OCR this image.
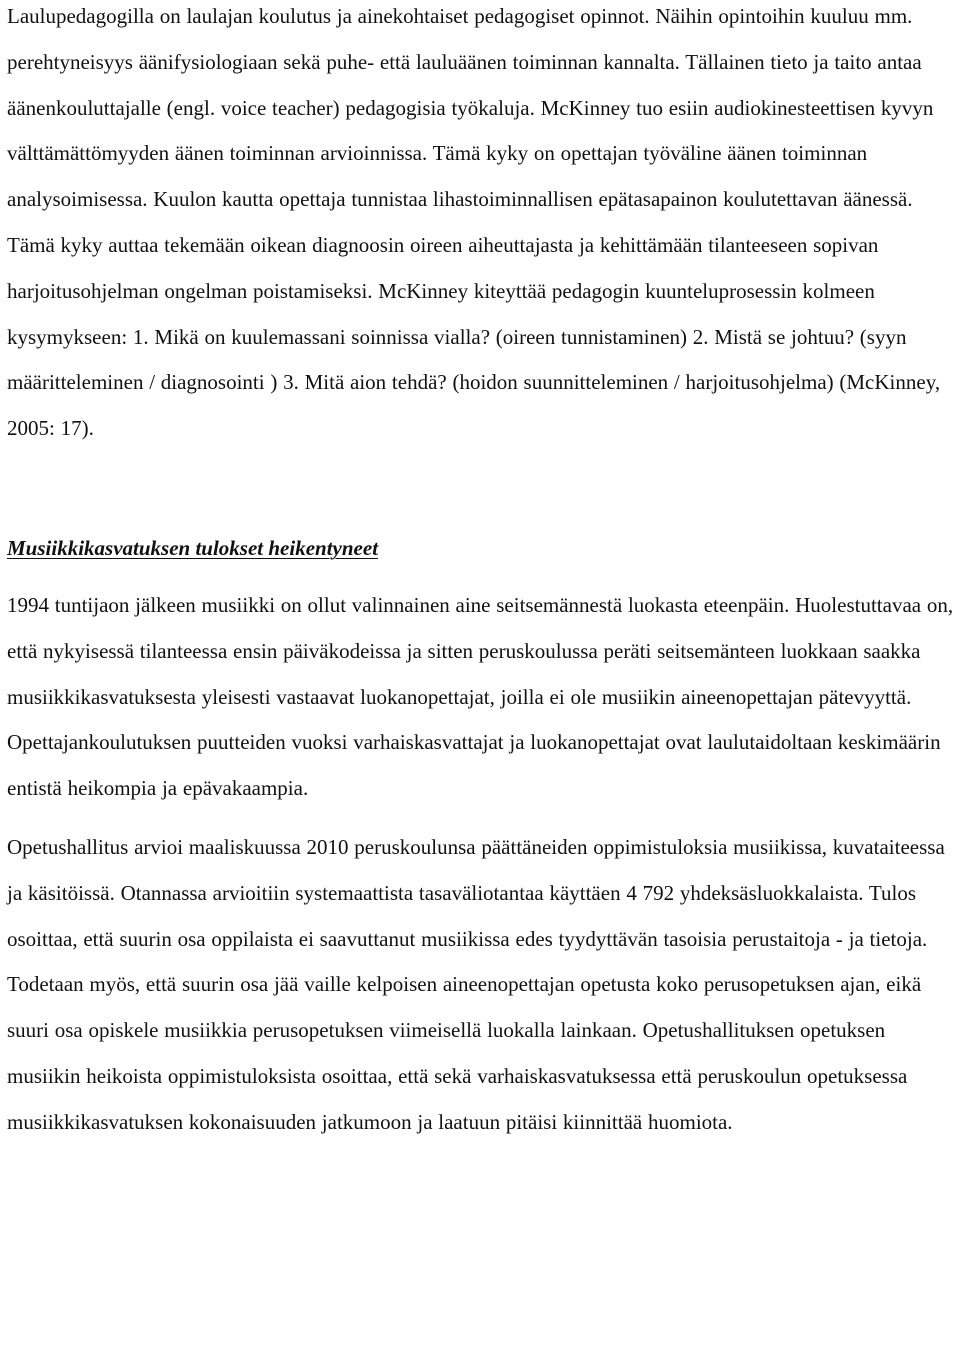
Laulupedagogilla on laulajan koulutus ja ainekohtaiset pedagogiset opinnot. Näihin opintoihin kuuluu mm. perehtyneisyys äänifysiologiaan sekä puhe- että lauluäänen toiminnan kannalta. Tällainen tieto ja taito antaa äänenkouluttajalle (engl. voice teacher) pedagogisia työkaluja. McKinney tuo esiin audiokinesteettisen kyvyn välttämättömyyden äänen toiminnan arvioinnissa. Tämä kyky on opettajan työväline äänen toiminnan analysoimisessa. Kuulon kautta opettaja tunnistaa lihastoiminnallisen epätasapainon koulutettavan äänessä. Tämä kyky auttaa tekemään oikean diagnoosin oireen aiheuttajasta ja kehittämään tilanteeseen sopivan harjoitusohjelman ongelman poistamiseksi. McKinney kiteyttää pedagogin kuunteluprosessin kolmeen kysymykseen: 1. Mikä on kuulemassani soinnissa vialla? (oireen tunnistaminen) 2. Mistä se johtuu? (syyn määritteleminen / diagnosointi ) 3. Mitä aion tehdä? (hoidon suunnitteleminen / harjoitusohjelma) (McKinney, 2005: 17).

Musiikkikasvatuksen tulokset heikentyneet

1994 tuntijaon jälkeen musiikki on ollut valinnainen aine seitsemännestä luokasta eteenpäin. Huolestuttavaa on, että nykyisessä tilanteessa ensin päiväkodeissa ja sitten peruskoulussa peräti seitsemänteen luokkaan saakka musiikkikasvatuksesta yleisesti vastaavat luokanopettajat, joilla ei ole musiikin aineenopettajan pätevyyttä. Opettajankoulutuksen puutteiden vuoksi varhaiskasvattajat ja luokanopettajat ovat laulutaidoltaan keskimäärin entistä heikompia ja epävakaampia.

Opetushallitus arvioi maaliskuussa 2010 peruskoulunsa päättäneiden oppimistuloksia musiikissa, kuvataiteessa ja käsitöissä. Otannassa arvioitiin systemaattista tasaväliotantaa käyttäen 4 792 yhdeksäsluokkalaista. Tulos osoittaa, että suurin osa oppilaista ei saavuttanut musiikissa edes tyydyttävän tasoisia perustaitoja - ja tietoja. Todetaan myös, että suurin osa jää vaille kelpoisen aineenopettajan opetusta koko perusopetuksen ajan, eikä suuri osa opiskele musiikkia perusopetuksen viimeisellä luokalla lainkaan. Opetushallituksen opetuksen musiikin heikoista oppimistuloksista osoittaa, että sekä varhaiskasvatuksessa että peruskoulun opetuksessa musiikkikasvatuksen kokonaisuuden jatkumoon ja laatuun pitäisi kiinnittää huomiota.
